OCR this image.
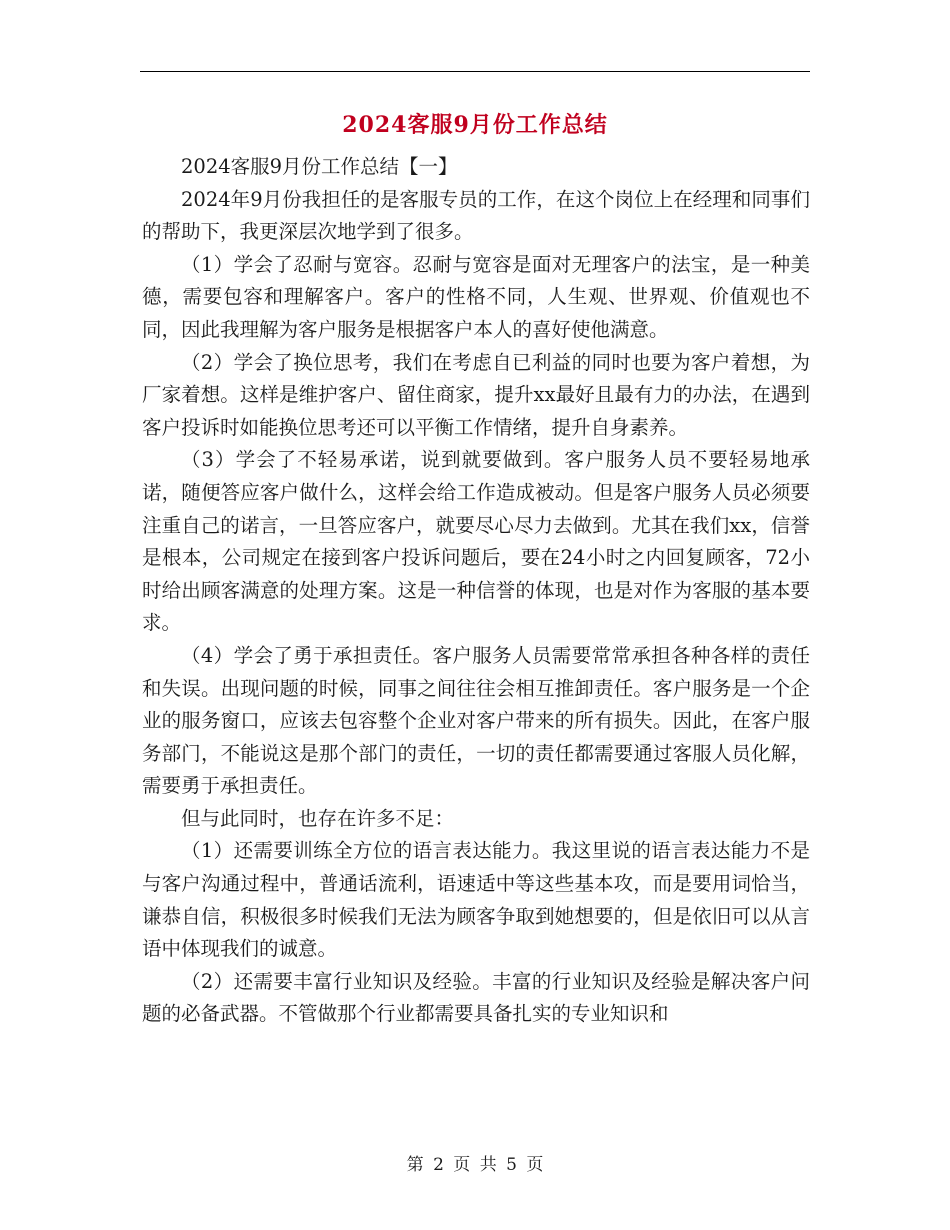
2024客服9月份工作总结

2024客服9月份工作总结【一】

2024年9月份我担任的是客服专员的工作，在这个岗位上在经理和同事们的帮助下，我更深层次地学到了很多。

（1）学会了忍耐与宽容。忍耐与宽容是面对无理客户的法宝，是一种美德，需要包容和理解客户。客户的性格不同，人生观、世界观、价值观也不同，因此我理解为客户服务是根据客户本人的喜好使他满意。

（2）学会了换位思考，我们在考虑自已利益的同时也要为客户着想，为厂家着想。这样是维护客户、留住商家，提升xx最好且最有力的办法，在遇到客户投诉时如能换位思考还可以平衡工作情绪，提升自身素养。

（3）学会了不轻易承诺，说到就要做到。客户服务人员不要轻易地承诺，随便答应客户做什么，这样会给工作造成被动。但是客户服务人员必须要注重自己的诺言，一旦答应客户，就要尽心尽力去做到。尤其在我们xx，信誉是根本，公司规定在接到客户投诉问题后，要在24小时之内回复顾客，72小时给出顾客满意的处理方案。这是一种信誉的体现，也是对作为客服的基本要求。

（4）学会了勇于承担责任。客户服务人员需要常常承担各种各样的责任和失误。出现问题的时候，同事之间往往会相互推卸责任。客户服务是一个企业的服务窗口，应该去包容整个企业对客户带来的所有损失。因此，在客户服务部门，不能说这是那个部门的责任，一切的责任都需要通过客服人员化解，需要勇于承担责任。

但与此同时，也存在许多不足：

（1）还需要训练全方位的语言表达能力。我这里说的语言表达能力不是与客户沟通过程中，普通话流利，语速适中等这些基本攻，而是要用词恰当，谦恭自信，积极很多时候我们无法为顾客争取到她想要的，但是依旧可以从言语中体现我们的诚意。

（2）还需要丰富行业知识及经验。丰富的行业知识及经验是解决客户问题的必备武器。不管做那个行业都需要具备扎实的专业知识和

第 2 页 共 5 页
